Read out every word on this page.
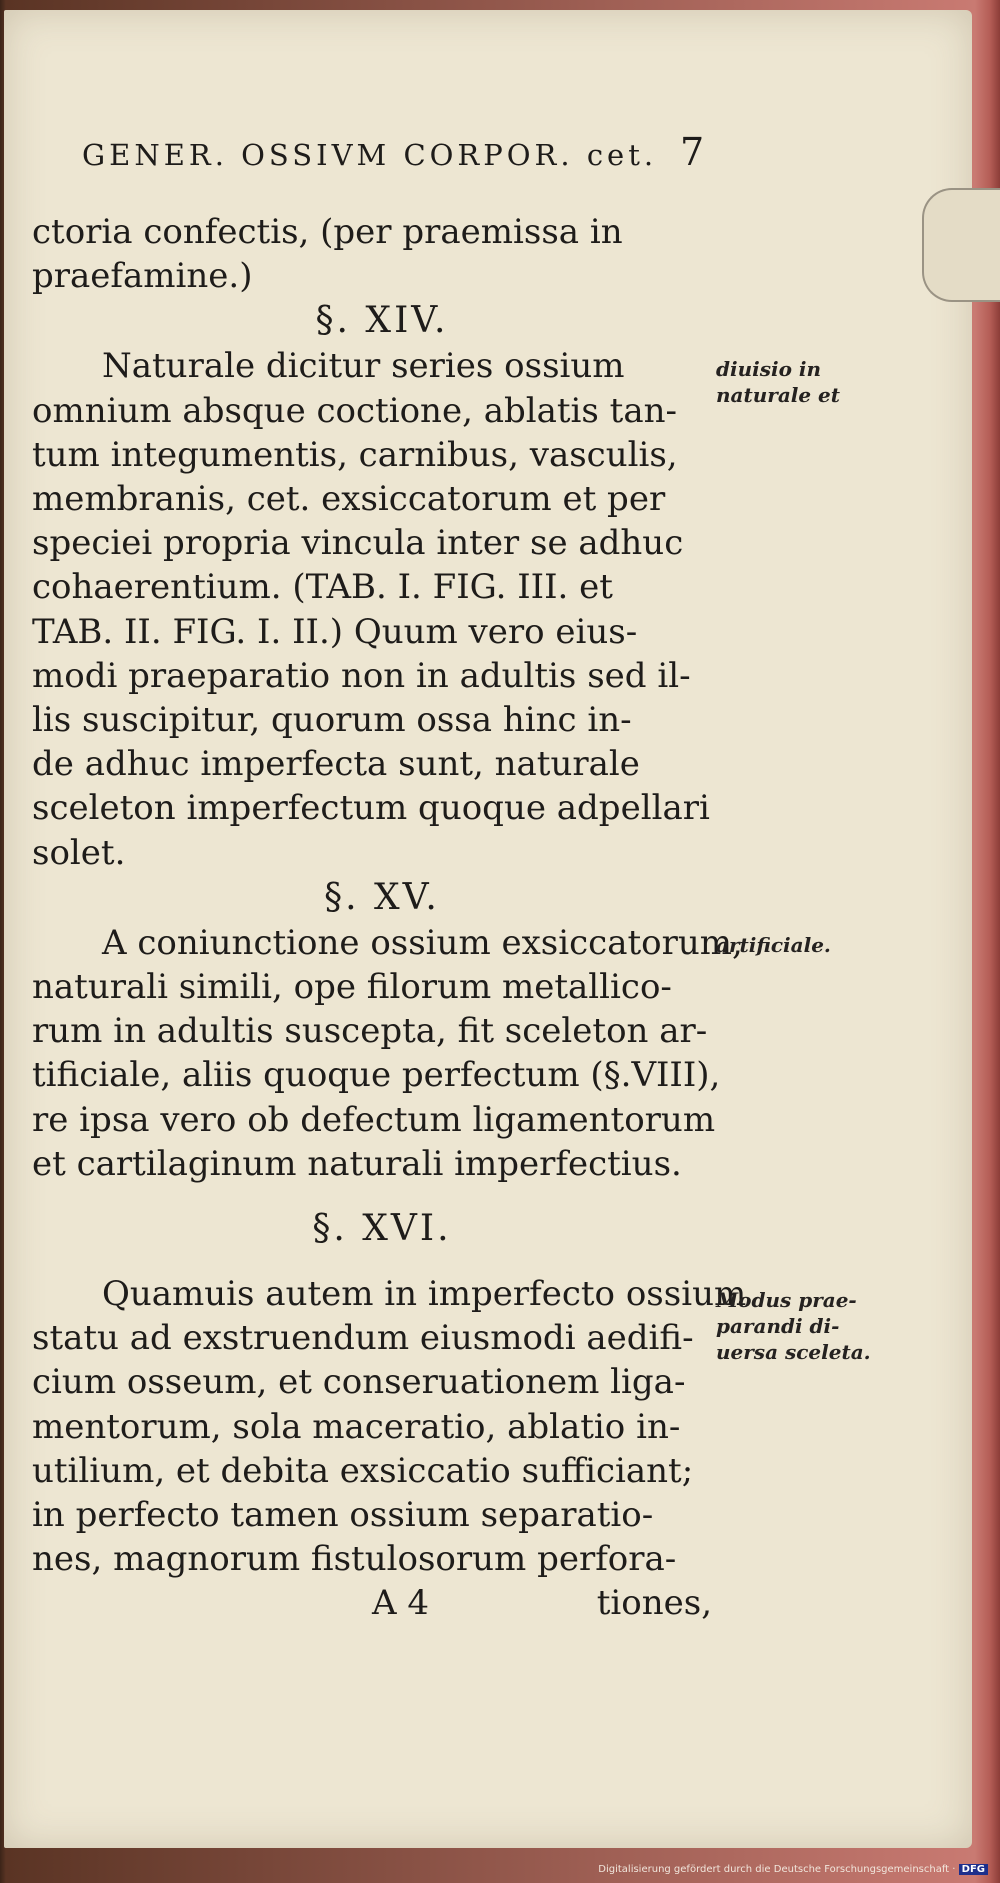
GENER. OSSIVM CORPOR. cet. 7
ctoria confectis, (per praemissa in
praefamine.)
§. XIV.
Naturale dicitur series ossium
omnium absque coctione, ablatis tan-
tum integumentis, carnibus, vasculis,
membranis, cet. exsiccatorum et per
speciei propria vincula inter se adhuc
cohaerentium. (TAB. I. FIG. III. et
TAB. II. FIG. I. II.) Quum vero eius-
modi praeparatio non in adultis sed il-
lis suscipitur, quorum ossa hinc in-
de adhuc imperfecta sunt, naturale
sceleton imperfectum quoque adpellari
solet.
§. XV.
A coniunctione ossium exsiccatorum,
naturali simili, ope filorum metallico-
rum in adultis suscepta, fit sceleton ar-
tificiale, aliis quoque perfectum (§.VIII),
re ipsa vero ob defectum ligamentorum
et cartilaginum naturali imperfectius.
§. XVI.
Quamuis autem in imperfecto ossium
statu ad exstruendum eiusmodi aedifi-
cium osseum, et conseruationem liga-
mentorum, sola maceratio, ablatio in-
utilium, et debita exsiccatio sufficiant;
in perfecto tamen ossium separatio-
nes, magnorum fistulosorum perfora-
A 4	tiones,
diuisio in
naturale et
artificiale.
Modus prae-
parandi di-
uersa sceleta.
Digitalisierung gefördert durch die Deutsche Forschungsgemeinschaft · DFG
